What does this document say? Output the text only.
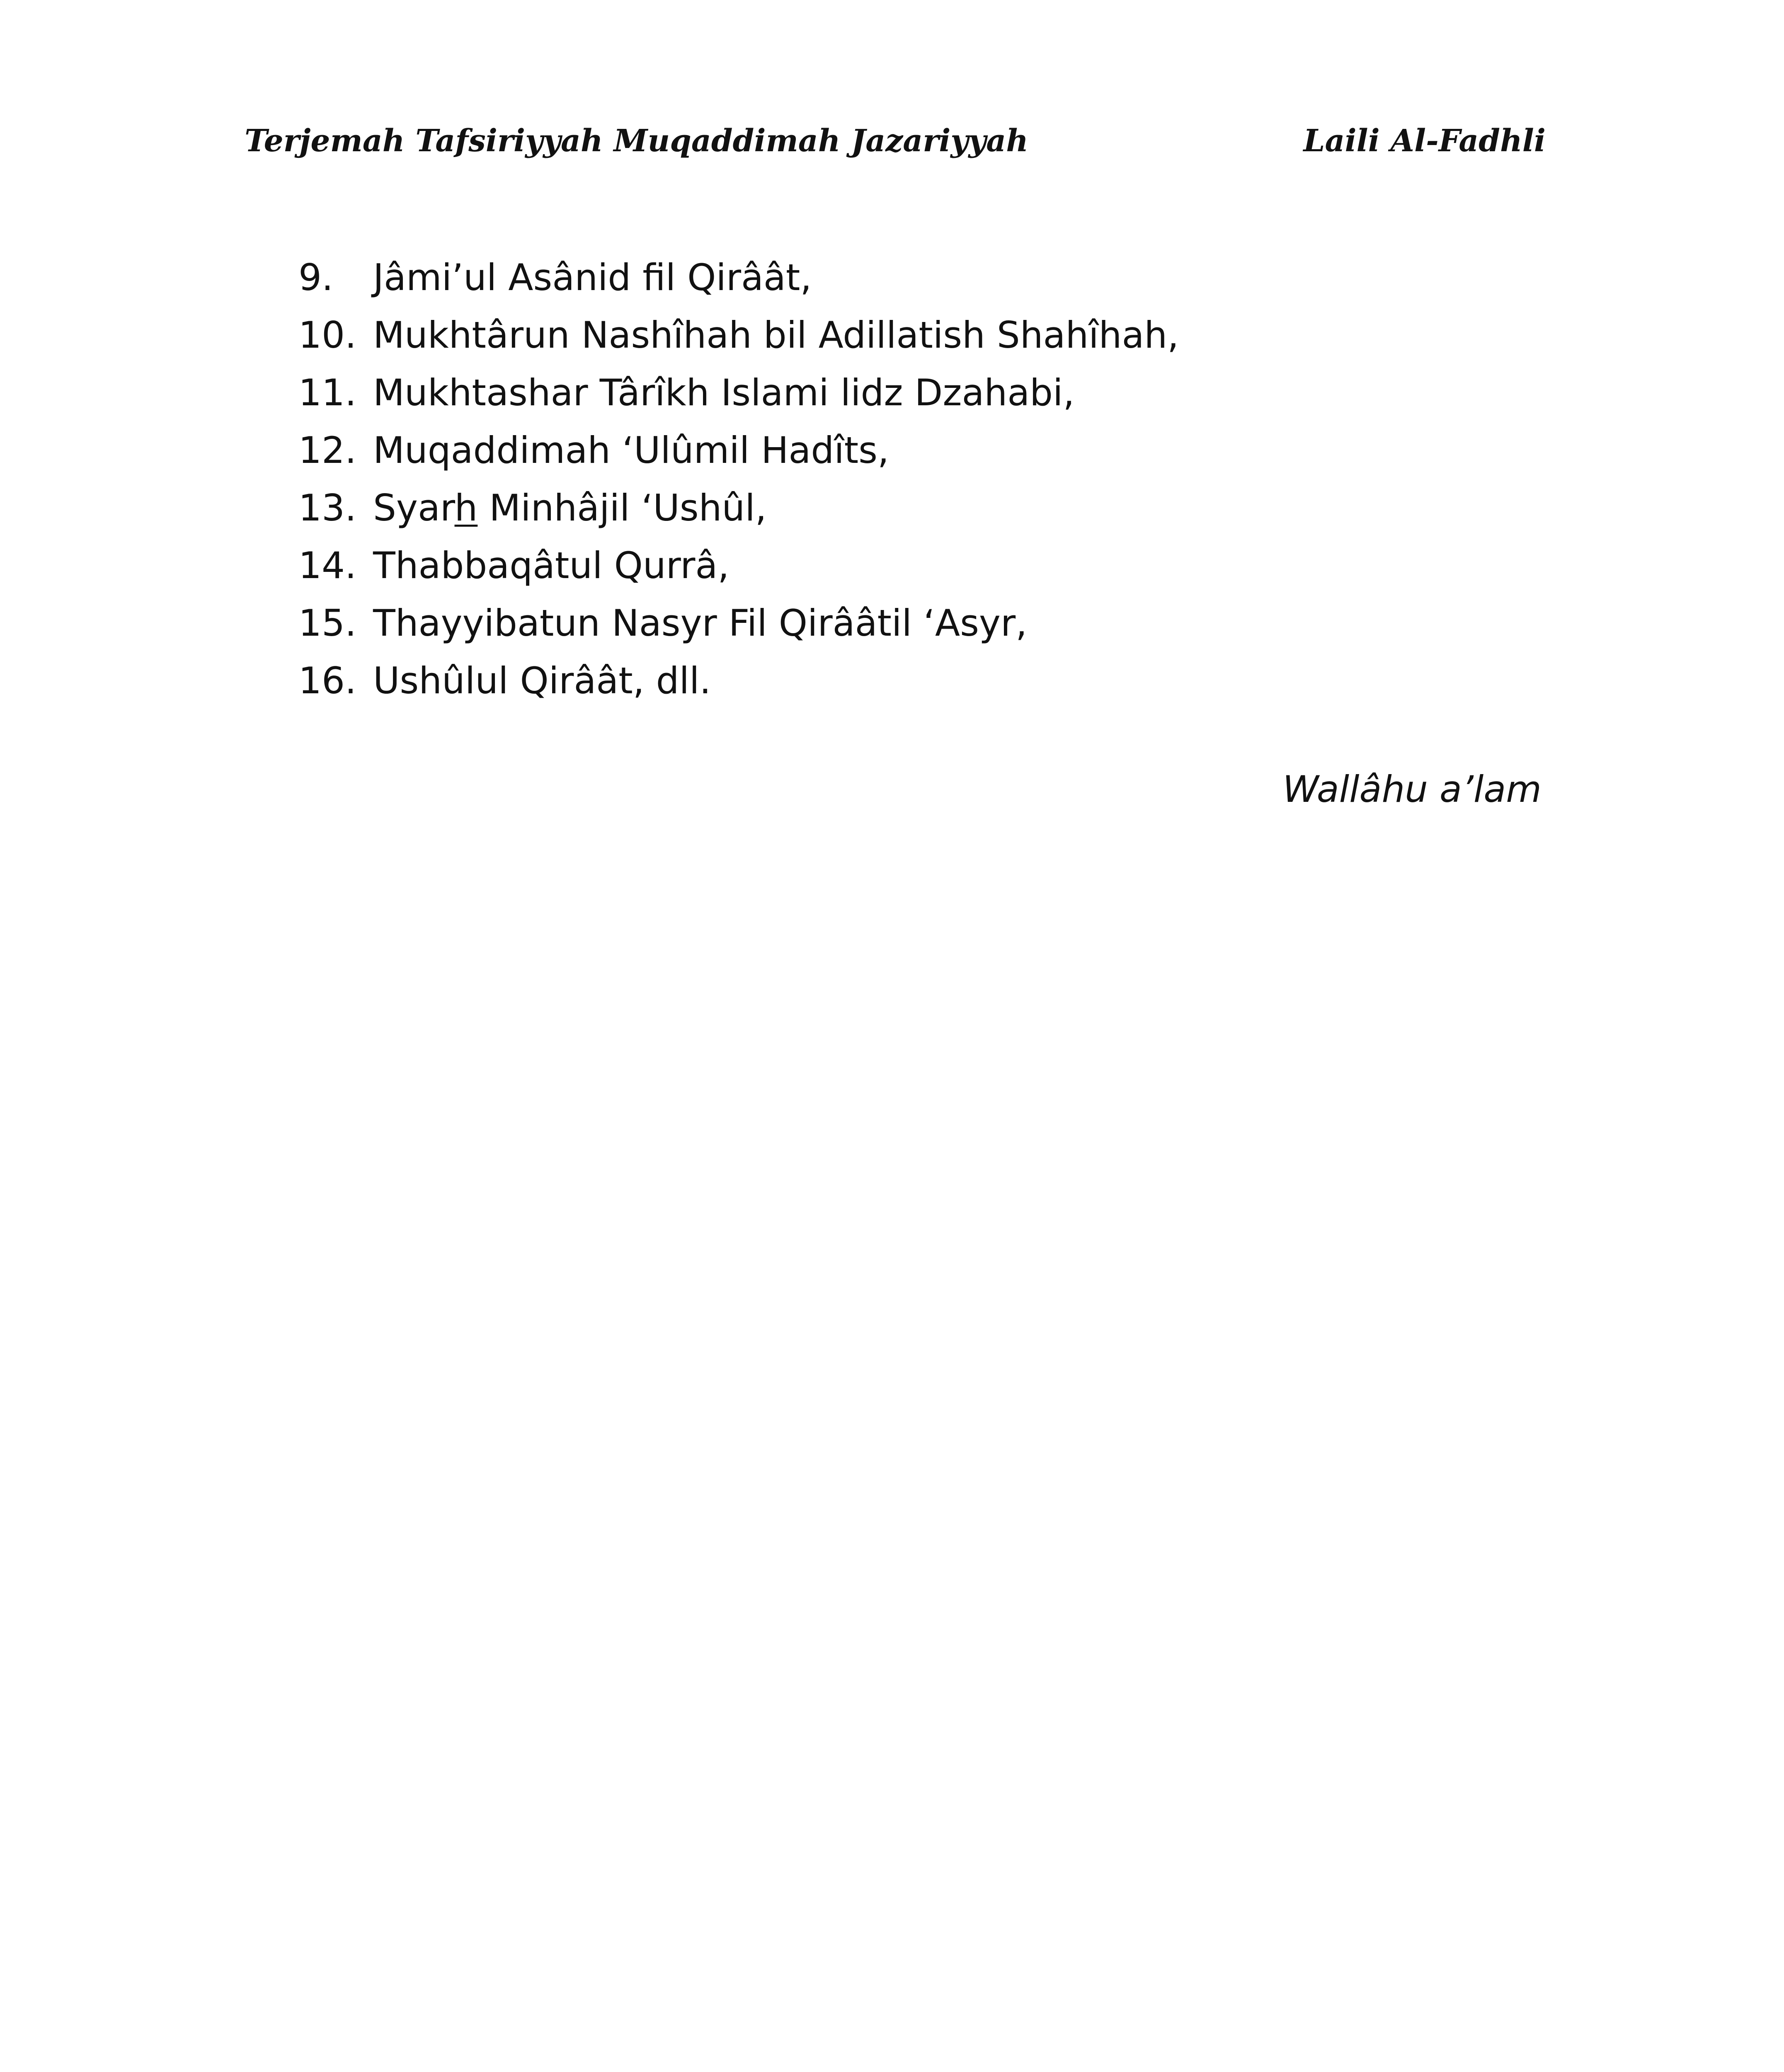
Terjemah Tafsiriyyah Muqaddimah Jazariyyah	Laili Al-Fadhli
9. Jâmi’ul Asânid fil Qirâât,
10. Mukhtârun Nashîhah bil Adillatish Shahîhah,
11. Mukhtashar Târîkh Islami lidz Dzahabi,
12. Muqaddimah ‘Ulûmil Hadîts,
13. Syarh Minhâjil ‘Ushûl,
14. Thabbaqâtul Qurrâ,
15. Thayyibatun Nasyr Fil Qirââtil ‘Asyr,
16. Ushûlul Qirâât, dll.
Wallâhu a’lam
